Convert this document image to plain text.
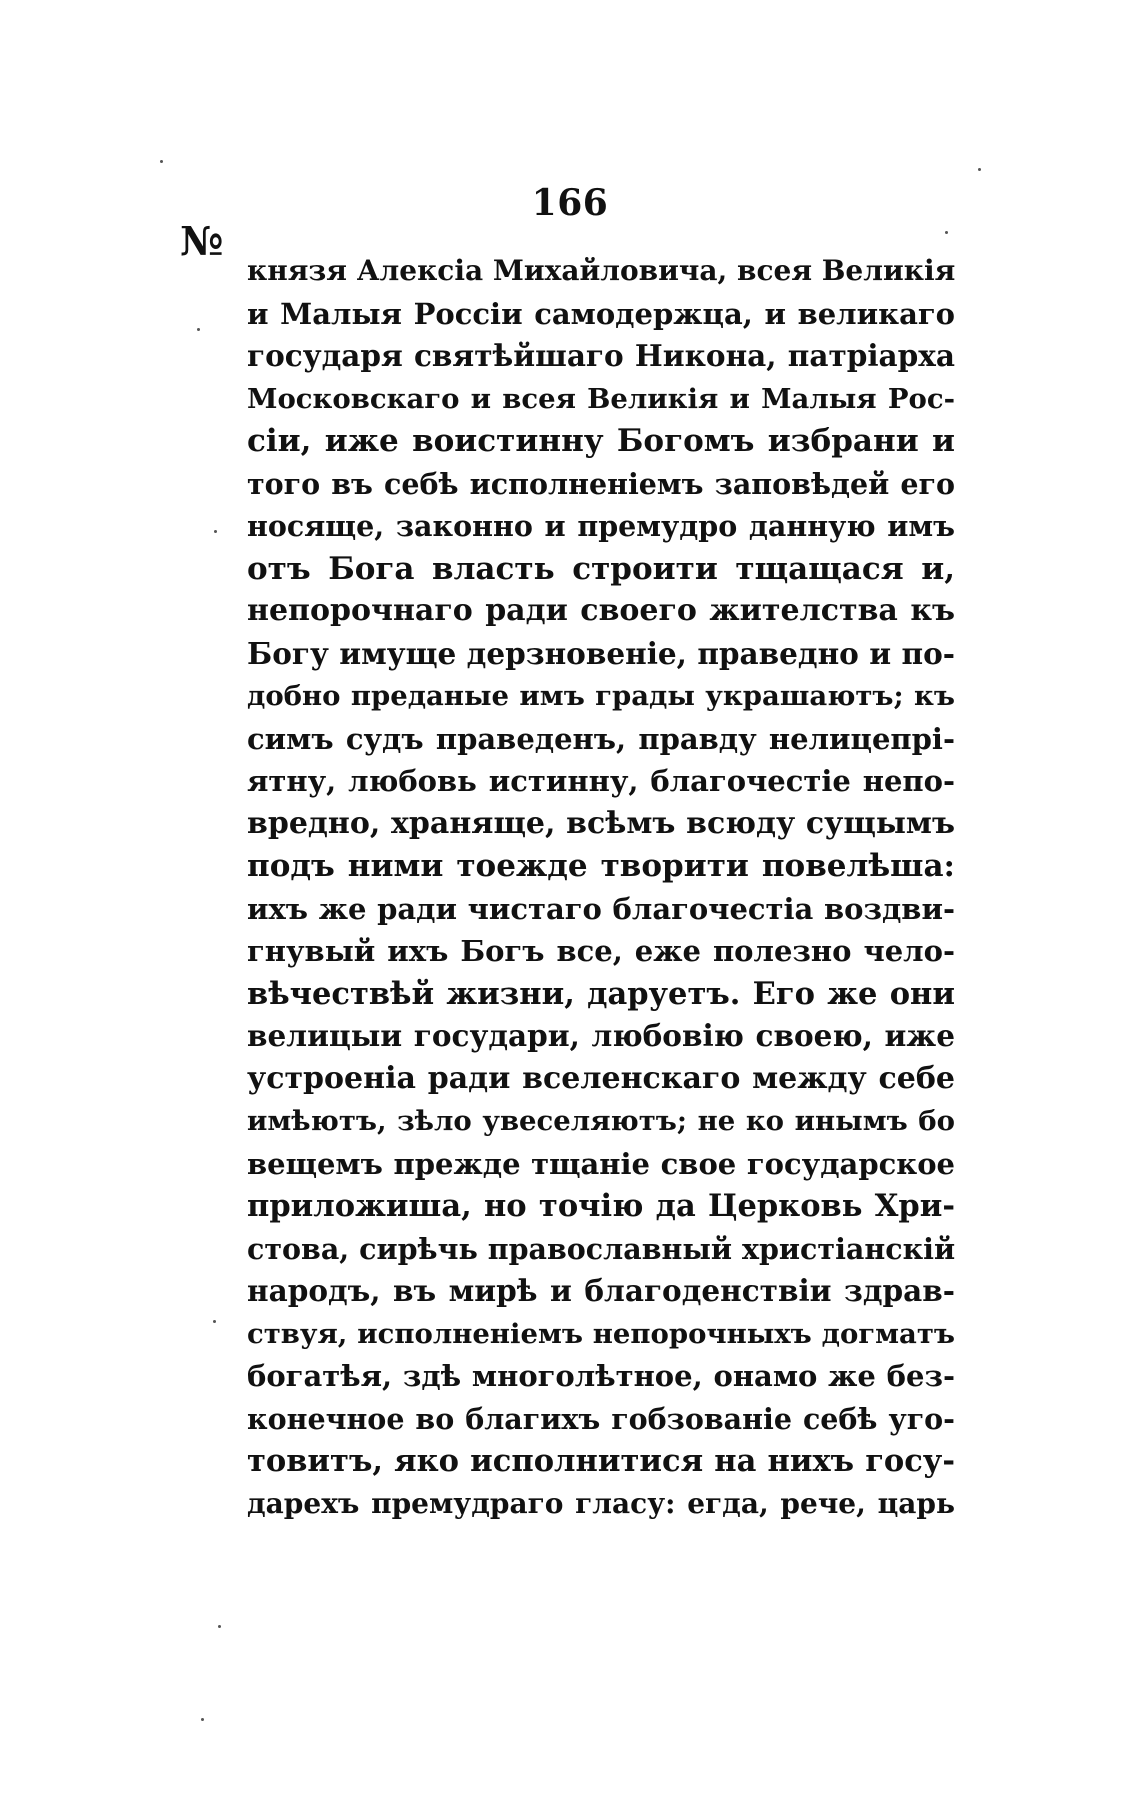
№
166
князя Алексiа Михайловича, всея Великiя
и Малыя Россiи самодержца, и великаго
государя святѣйшаго Никона, патрiарха
Московскаго и всея Великiя и Малыя Рос-
сiи, иже воистинну Богомъ избрани и
того въ себѣ исполненiемъ заповѣдей его
носяще, законно и премудро данную имъ
отъ Бога власть строити тщащася и,
непорочнаго ради своего жителства къ
Богу имуще дерзновенiе, праведно и по-
добно преданые имъ грады украшаютъ; къ
симъ судъ праведенъ, правду нелицепрi-
ятну, любовь истинну, благочестiе непо-
вредно, храняще, всѣмъ всюду сущымъ
подъ ними тоежде творити повелѣша:
ихъ же ради чистаго благочестiа воздви-
гнувый ихъ Богъ все, еже полезно чело-
вѣчествѣй жизни, даруетъ. Его же они
велицыи государи, любовiю своею, иже
устроенiа ради вселенскаго между себе
имѣютъ, зѣло увеселяютъ; не ко инымъ бо
вещемъ прежде тщанiе свое государское
приложиша, но точiю да Церковь Хри-
стова, сирѣчь православный христiанскiй
народъ, въ мирѣ и благоденствiи здрав-
ствуя, исполненiемъ непорочныхъ догматъ
богатѣя, здѣ многолѣтное, онамо же без-
конечное во благихъ гобзованiе себѣ уго-
товитъ, яко исполнитися на нихъ госу-
дарехъ премудраго гласу: егда, рече, царь
